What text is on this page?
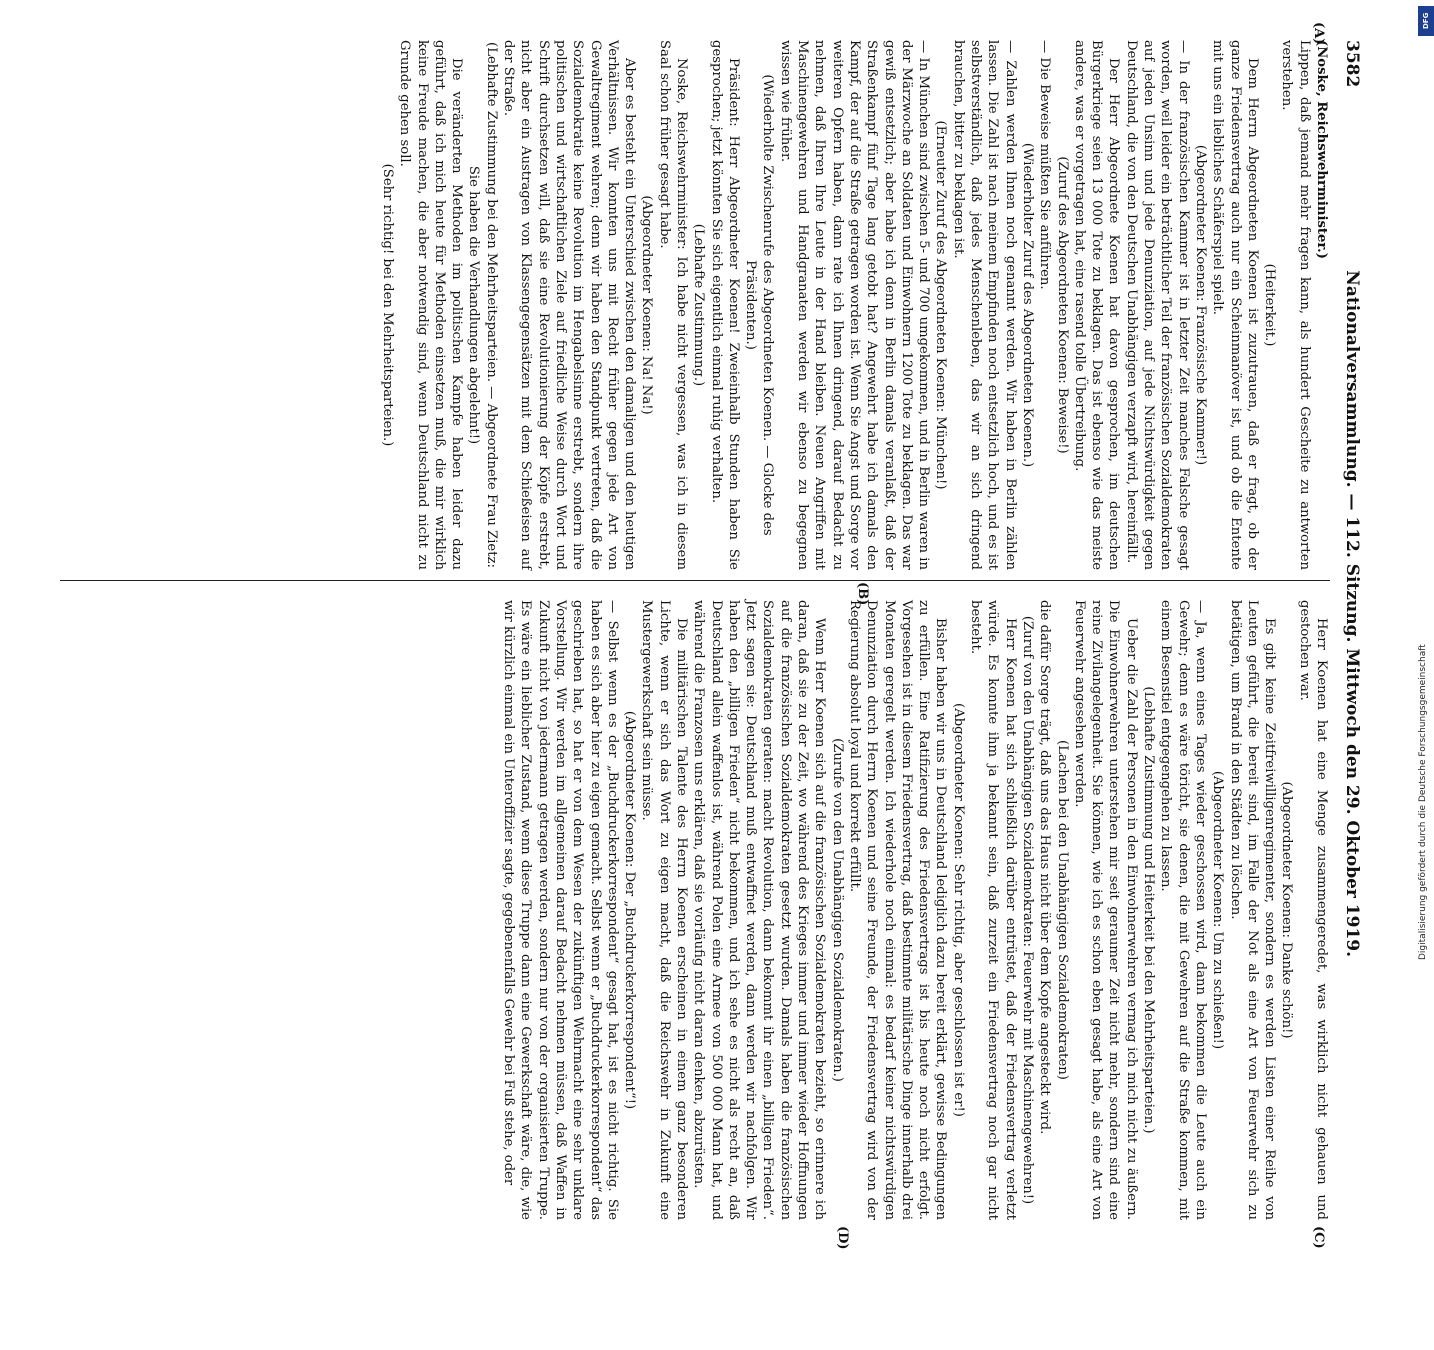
3582
Nationalversammlung. — 112. Sitzung. Mittwoch den 29. Oktober 1919.
(A)
(B)
(C)
(D)

(Noske, Reichswehrminister.)

Lippen, daß jemand mehr fragen kann, als hundert Gescheite zu antworten verstehen.

(Heiterkeit.)

Dem Herrn Abgeordneten Koenen ist zuzutrauen, daß er fragt, ob der ganze Friedensvertrag auch nur ein Scheinmanöver ist, und ob die Entente mit uns ein liebliches Schäferspiel spielt.

(Abgeordneter Koenen: Französische Kammer!)

— In der französischen Kammer ist in letzter Zeit manches Falsche gesagt worden, weil leider ein beträchtlicher Teil der französischen Sozialdemokraten auf jeden Unsinn und jede Denunziation, auf jede Nichtswürdigkeit gegen Deutschland, die von den Deutschen Unabhängigen verzapft wird, hereinfällt.

Der Herr Abgeordnete Koenen hat davon gesprochen, im deutschen Bürgerkriege seien 13 000 Tote zu beklagen. Das ist ebenso wie das meiste andere, was er vorgetragen hat, eine rasend tolle Übertreibung.

(Zuruf des Abgeordneten Koenen: Beweise!)

— Die Beweise müßten Sie anführen.

(Wiederholter Zuruf des Abgeordneten Koenen.)

— Zahlen werden Ihnen noch genannt werden. Wir haben in Berlin zählen lassen. Die Zahl ist nach meinem Empfinden noch entsetzlich hoch, und es ist selbstverständlich, daß jedes Menschenleben, das wir an sich dringend brauchen, bitter zu beklagen ist.

(Erneuter Zuruf des Abgeordneten Koenen: München!)

— In München sind zwischen 5- und 700 umgekommen, und in Berlin waren in der Märzwoche an Soldaten und Einwohnern 1200 Tote zu beklagen. Das war gewiß entsetzlich; aber habe ich denn in Berlin damals veranlaßt, daß der Straßenkampf fünf Tage lang getobt hat? Angewehrt habe ich damals den Kampf, der auf die Straße getragen worden ist. Wenn Sie Angst und Sorge vor weiteren Opfern haben, dann rate ich Ihnen dringend, darauf Bedacht zu nehmen, daß Ihren Ihre Leute in der Hand bleiben. Neuen Angriffen mit Maschinengewehren und Handgranaten werden wir ebenso zu begegnen wissen wie früher.

(Wiederholte Zwischenrufe des Abgeordneten Koenen. — Glocke des Präsidenten.)

Präsident: Herr Abgeordneter Koenen! Zweieinhalb Stunden haben Sie gesprochen; jetzt könnten Sie sich eigentlich einmal ruhig verhalten.

(Lebhafte Zustimmung.)

Noske, Reichswehrminister: Ich habe nicht vergessen, was ich in diesem Saal schon früher gesagt habe.

(Abgeordneter Koenen: Na! Na!)

Aber es besteht ein Unterschied zwischen den damaligen und den heutigen Verhältnissen. Wir konnten uns mit Recht früher gegen jede Art von Gewaltregiment wehren; denn wir haben den Standpunkt vertreten, daß die Sozialdemokratie keine Revolution im Hengabelsinne erstrebt, sondern ihre politischen und wirtschaftlichen Ziele auf friedliche Weise durch Wort und Schrift durchsetzen will, daß sie eine Revolutionierung der Köpfe erstrebt, nicht aber ein Austragen von Klassengegensätzen mit dem Schießeisen auf der Straße.

(Lebhafte Zustimmung bei den Mehrheitsparteien. — Abgeordnete Frau Zietz: Sie haben die Verhandlungen abgelehnt!)

Die veränderten Methoden im politischen Kampfe haben leider dazu geführt, daß ich mich heute für Methoden einsetzen muß, die mir wirklich keine Freude machen, die aber notwendig sind, wenn Deutschland nicht zu Grunde gehen soll.

(Sehr richtig! bei den Mehrheitsparteien.)

Herr Koenen hat eine Menge zusammengeredet, was wirklich nicht gehauen und gestochen war.

(Abgeordneter Koenen: Danke schön!)

Es gibt keine Zeitfreiwilligenregimenter, sondern es werden Listen einer Reihe von Leuten geführt, die bereit sind, im Falle der Not als eine Art von Feuerwehr sich zu betätigen, um Brand in den Städten zu löschen.

(Abgeordneter Koenen: Um zu schießen!)

— Ja, wenn eines Tages wieder geschossen wird, dann bekommen die Leute auch ein Gewehr; denn es wäre töricht, sie denen, die mit Gewehren auf die Straße kommen, mit einem Besenstiel entgegengehen zu lassen.

(Lebhafte Zustimmung und Heiterkeit bei den Mehrheitsparteien.)

Ueber die Zahl der Personen in den Einwohnerwehren vermag ich mich nicht zu äußern. Die Einwohnerwehren unterstehen mir seit geraumer Zeit nicht mehr, sondern sind eine reine Zivilangelegenheit. Sie können, wie ich es schon eben gesagt habe, als eine Art von Feuerwehr angesehen werden.

(Lachen bei den Unabhängigen Sozialdemokraten)

die dafür Sorge trägt, daß uns das Haus nicht über dem Kopfe angesteckt wird.

(Zuruf von den Unabhängigen Sozialdemokraten: Feuerwehr mit Maschinengewehren!)

Herr Koenen hat sich schließlich darüber entrüstet, daß der Friedensvertrag verletzt würde. Es konnte ihm ja bekannt sein, daß zurzeit ein Friedensvertrag noch gar nicht besteht.

(Abgeordneter Koenen: Sehr richtig, aber geschlossen ist er!)

Bisher haben wir uns in Deutschland lediglich dazu bereit erklärt, gewisse Bedingungen zu erfüllen. Eine Ratifizierung des Friedensvertrags ist bis heute noch nicht erfolgt. Vorgesehen ist in diesem Friedensvertrag, daß bestimmte militärische Dinge innerhalb drei Monaten geregelt werden. Ich wiederhole noch einmal: es bedarf keiner nichtswürdigen Denunziation durch Herrn Koenen und seine Freunde, der Friedensvertrag wird von der Regierung absolut loyal und korrekt erfüllt.

(Zurufe von den Unabhängigen Sozialdemokraten.)

Wenn Herr Koenen sich auf die französischen Sozialdemokraten bezieht, so erinnere ich daran, daß sie zu der Zeit, wo während des Krieges immer und immer wieder Hoffnungen auf die französischen Sozialdemokraten gesetzt wurden. Damals haben die französischen Sozialdemokraten geraten: macht Revolution, dann bekommt ihr einen „billigen Frieden“. Jetzt sagen sie: Deutschland muß entwaffnet werden, dann werden wir nachfolgen. Wir haben den „billigen Frieden“ nicht bekommen, und ich sehe es nicht als recht an, daß Deutschland allein waffenlos ist, während Polen eine Armee von 500 000 Mann hat, und während die Franzosen uns erklären, daß sie vorläufig nicht daran denken, abzurüsten.

Die militärischen Talente des Herrn Koenen erscheinen in einem ganz besonderen Lichte, wenn er sich das Wort zu eigen macht, daß die Reichswehr in Zukunft eine Mustergewerkschaft sein müsse.

(Abgeordneter Koenen: Der „Buchdruckerkorrespondent“!)

— Selbst wenn es der „Buchdruckerkorrespondent“ gesagt hat, ist es nicht richtig. Sie haben es sich aber hier zu eigen gemacht. Selbst wenn er „Buchdruckerkorrespondent“ das geschrieben hat, so hat er von dem Wesen der zukünftigen Wehrmacht eine sehr unklare Vorstellung. Wir werden im allgemeinen darauf Bedacht nehmen müssen, daß Waffen in Zukunft nicht von jedermann getragen werden, sondern nur von der organisierten Truppe. Es wäre ein lieblicher Zustand, wenn diese Truppe dann eine Gewerkschaft wäre, die, wie wir kürzlich einmal ein Unteroffizier sagte, gegebenenfalls Gewehr bei Fuß stehe, oder	Digitalisierung gefördert durch die Deutsche Forschungsgemeinschaft
DFG
